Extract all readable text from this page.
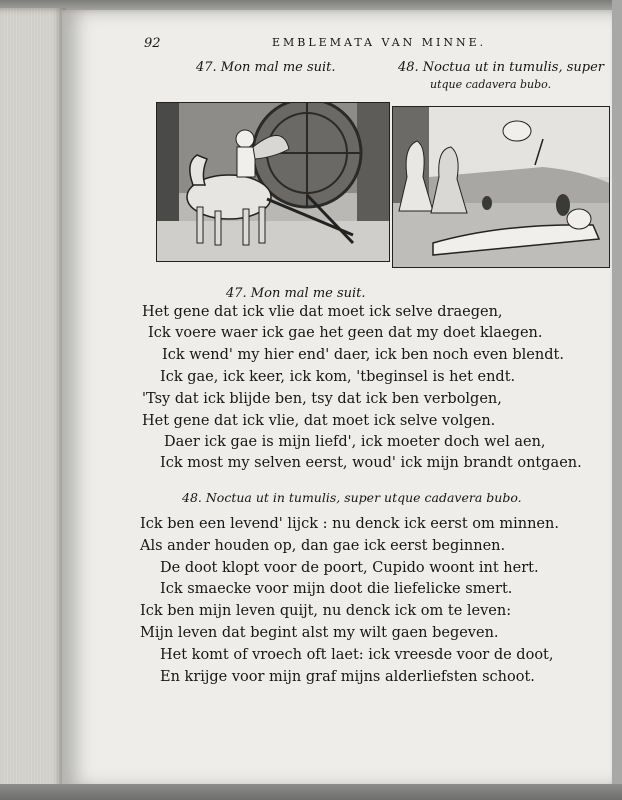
92	EMBLEMATA VAN MINNE.
47. Mon mal me suit.	48. Noctua ut in tumulis, super
utque cadavera bubo.
47. Mon mal me suit.
Het gene dat ick vlie dat moet ick selve draegen,
Ick voere waer ick gae het geen dat my doet klaegen.
Ick wend' my hier end' daer, ick ben noch even blendt.
Ick gae, ick keer, ick kom, 'tbeginsel is het endt.
'Tsy dat ick blijde ben, tsy dat ick ben verbolgen,
Het gene dat ick vlie, dat moet ick selve volgen.
Daer ick gae is mijn liefd', ick moeter doch wel aen,
Ick most my selven eerst, woud' ick mijn brandt ontgaen.
48. Noctua ut in tumulis, super utque cadavera bubo.
Ick ben een levend' lijck : nu denck ick eerst om minnen.
Als ander houden op, dan gae ick eerst beginnen.
De doot klopt voor de poort, Cupido woont int hert.
Ick smaecke voor mijn doot die liefelicke smert.
Ick ben mijn leven quijt, nu denck ick om te leven:
Mijn leven dat begint alst my wilt gaen begeven.
Het komt of vroech oft laet: ick vreesde voor de doot,
En krijge voor mijn graf mijns alderliefsten schoot.
